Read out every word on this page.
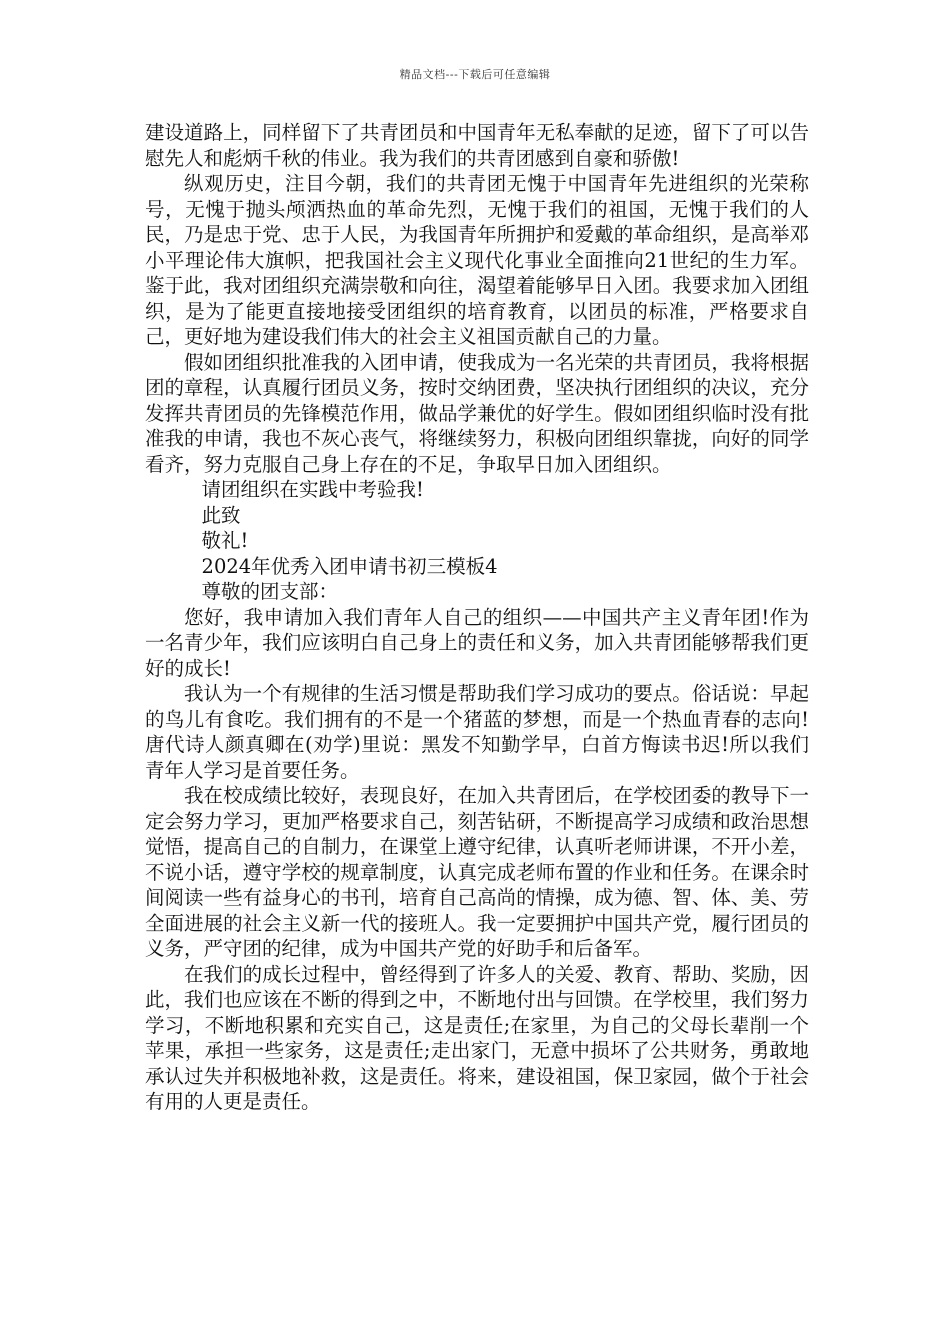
精品文档---下载后可任意编辑

建设道路上，同样留下了共青团员和中国青年无私奉献的足迹，留下了可以告慰先人和彪炳千秋的伟业。我为我们的共青团感到自豪和骄傲!

纵观历史，注目今朝，我们的共青团无愧于中国青年先进组织的光荣称号，无愧于抛头颅洒热血的革命先烈，无愧于我们的祖国，无愧于我们的人民，乃是忠于党、忠于人民，为我国青年所拥护和爱戴的革命组织，是高举邓小平理论伟大旗帜，把我国社会主义现代化事业全面推向21世纪的生力军。鉴于此，我对团组织充满崇敬和向往，渴望着能够早日入团。我要求加入团组织，是为了能更直接地接受团组织的培育教育，以团员的标准，严格要求自己，更好地为建设我们伟大的社会主义祖国贡献自己的力量。

假如团组织批准我的入团申请，使我成为一名光荣的共青团员，我将根据团的章程，认真履行团员义务，按时交纳团费，坚决执行团组织的决议，充分发挥共青团员的先锋模范作用，做品学兼优的好学生。假如团组织临时没有批准我的申请，我也不灰心丧气，将继续努力，积极向团组织靠拢，向好的同学看齐，努力克服自己身上存在的不足，争取早日加入团组织。

请团组织在实践中考验我!

此致

敬礼!

2024年优秀入团申请书初三模板4

尊敬的团支部：

您好，我申请加入我们青年人自己的组织——中国共产主义青年团!作为一名青少年，我们应该明白自己身上的责任和义务，加入共青团能够帮我们更好的成长!

我认为一个有规律的生活习惯是帮助我们学习成功的要点。俗话说：早起的鸟儿有食吃。我们拥有的不是一个猪蓝的梦想，而是一个热血青春的志向!唐代诗人颜真卿在(劝学)里说：黑发不知勤学早，白首方悔读书迟!所以我们青年人学习是首要任务。

我在校成绩比较好，表现良好，在加入共青团后，在学校团委的教导下一定会努力学习，更加严格要求自己，刻苦钻研，不断提高学习成绩和政治思想觉悟，提高自己的自制力，在课堂上遵守纪律，认真听老师讲课，不开小差，不说小话，遵守学校的规章制度，认真完成老师布置的作业和任务。在课余时间阅读一些有益身心的书刊，培育自己高尚的情操，成为德、智、体、美、劳全面进展的社会主义新一代的接班人。我一定要拥护中国共产党，履行团员的义务，严守团的纪律，成为中国共产党的好助手和后备军。

在我们的成长过程中，曾经得到了许多人的关爱、教育、帮助、奖励，因此，我们也应该在不断的得到之中，不断地付出与回馈。在学校里，我们努力学习，不断地积累和充实自己，这是责任;在家里，为自己的父母长辈削一个苹果，承担一些家务，这是责任;走出家门，无意中损坏了公共财务，勇敢地承认过失并积极地补救，这是责任。将来，建设祖国，保卫家园，做个于社会有用的人更是责任。
